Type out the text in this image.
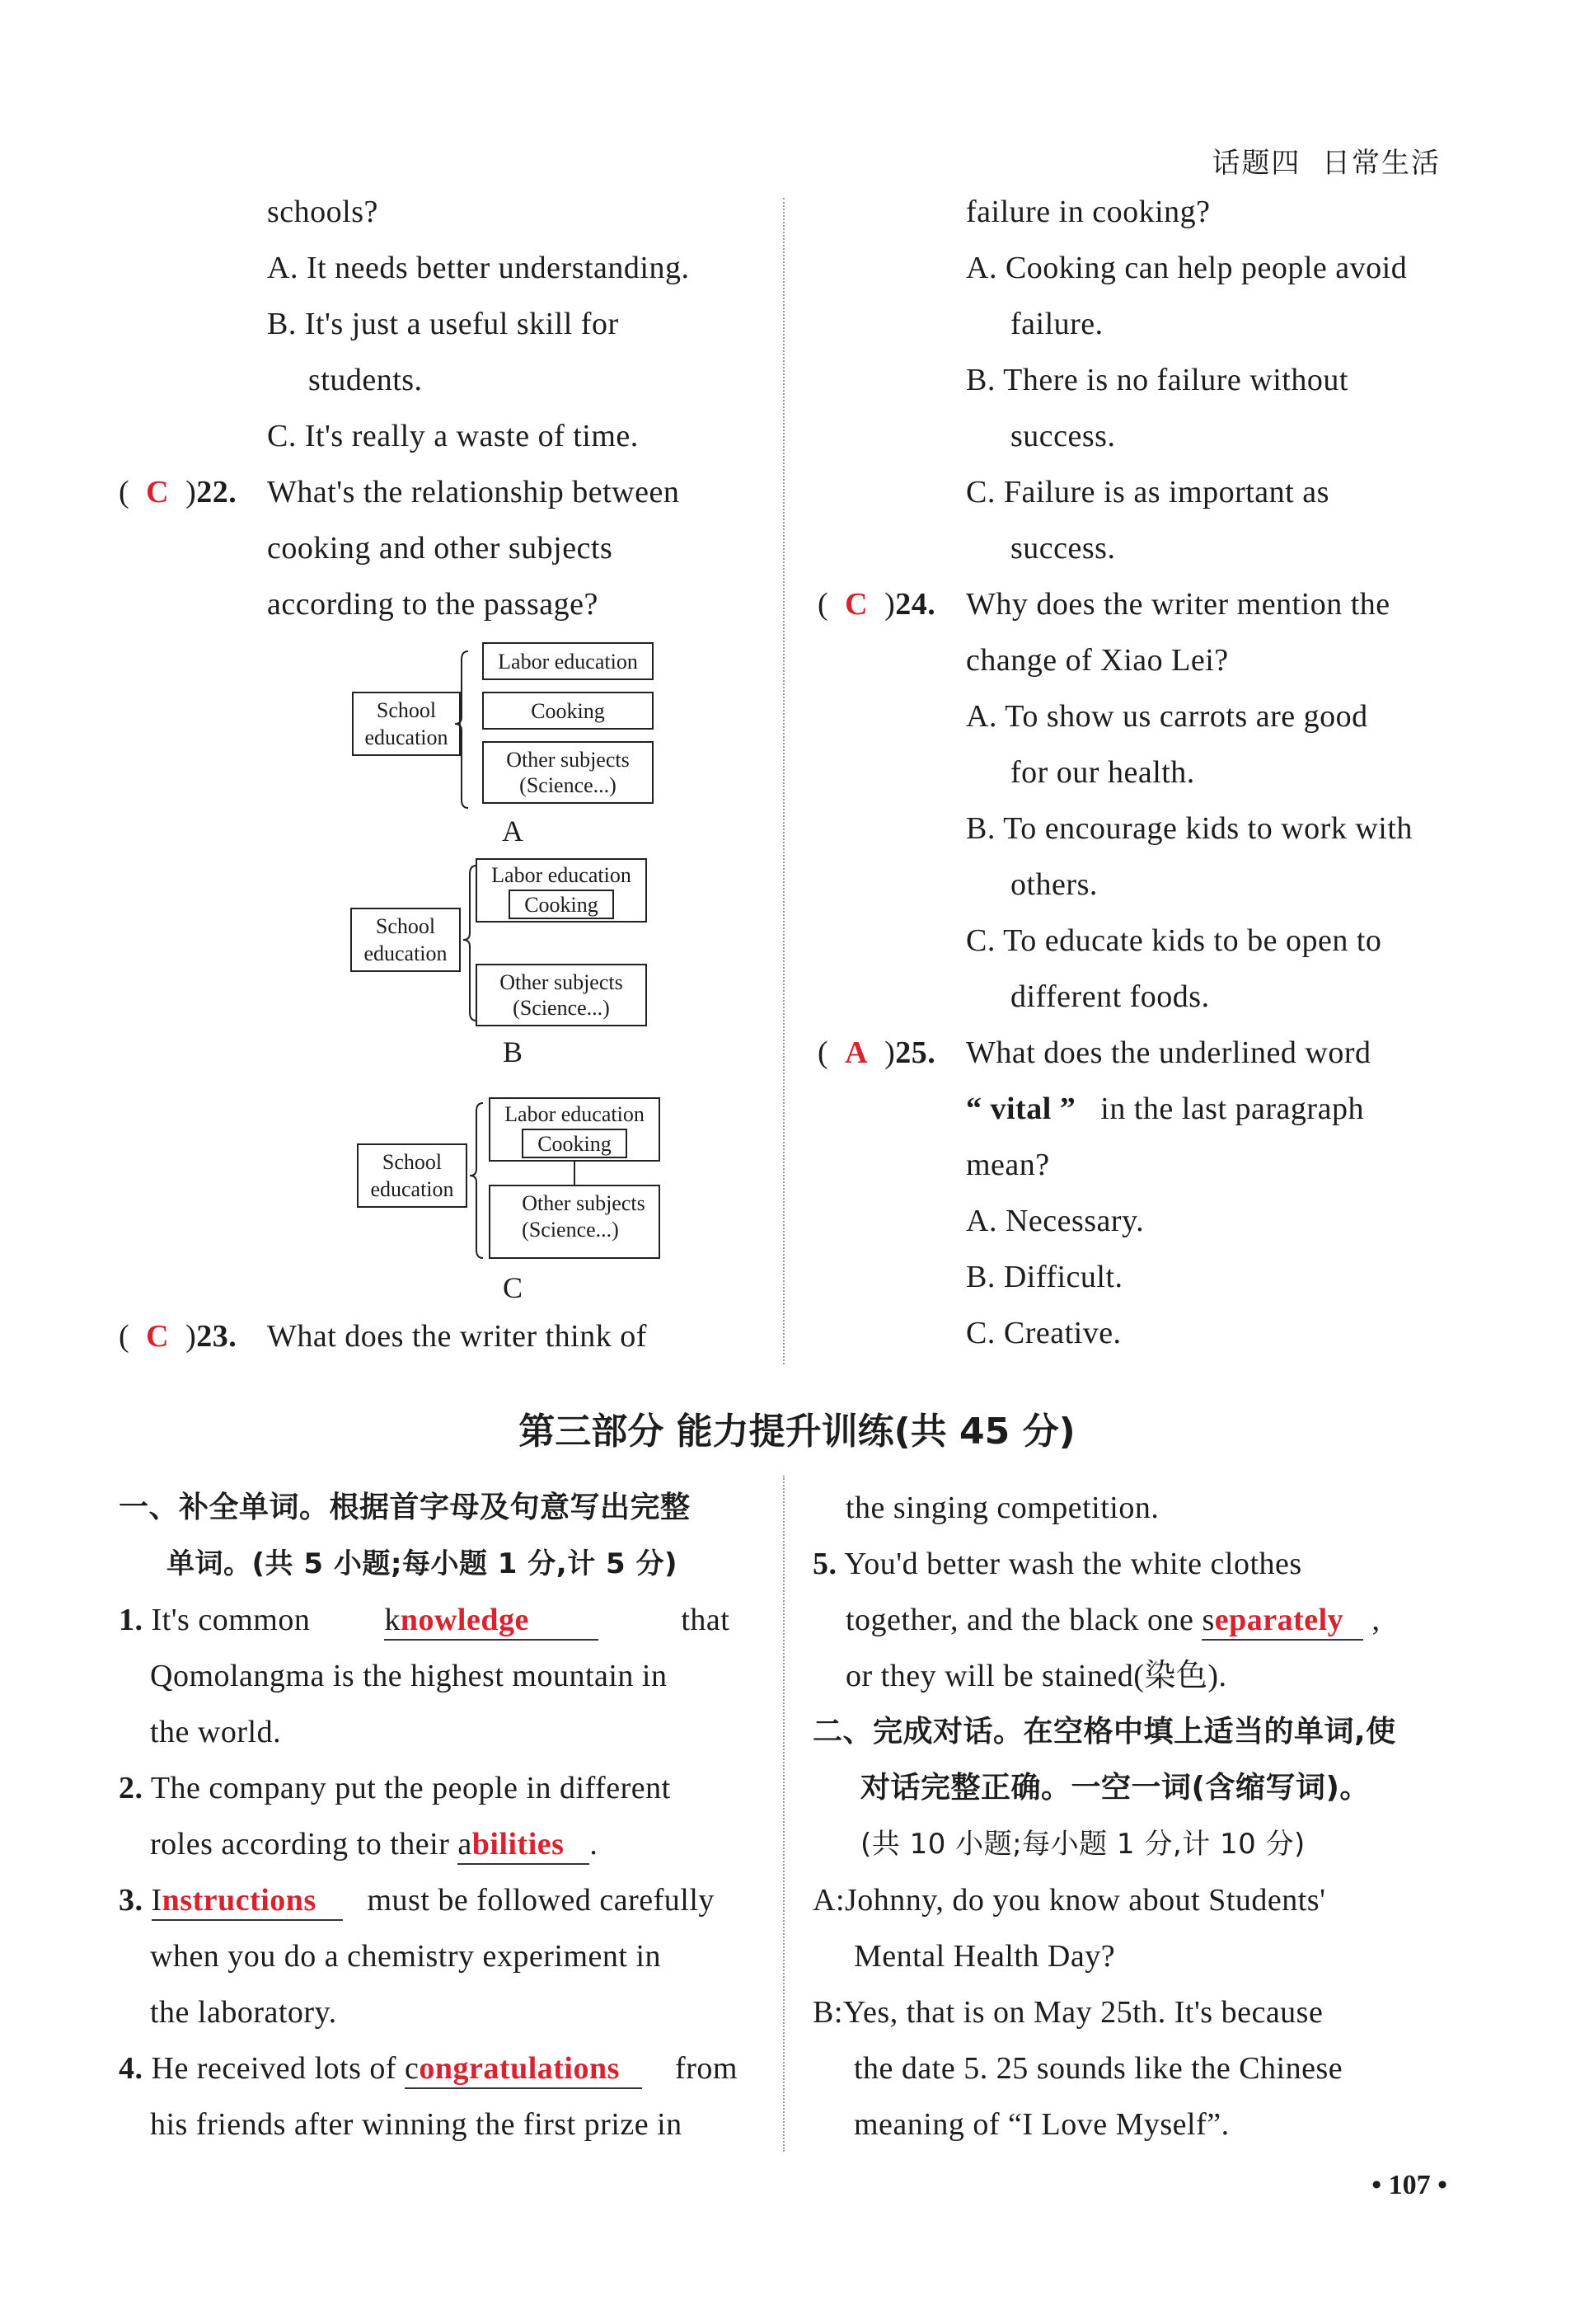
话题四 日常生活
schools?
A. It needs better understanding.
B. It's just a useful skill for
students.
C. It's really a waste of time.
(  C  )22. What's the relationship between
cooking and other subjects
according to the passage?
School
education
Labor education
Cooking
Other subjects
(Science...)
A
School
education
Labor education
Cooking
Other subjects
(Science...)
B
School
education
Labor education
Cooking
Other subjects
(Science...)
C
(  C  )23. What does the writer think of
failure in cooking?
A. Cooking can help people avoid
failure.
B. There is no failure without
success.
C. Failure is as important as
success.
(  C  )24. Why does the writer mention the
change of Xiao Lei?
A. To show us carrots are good
for our health.
B. To encourage kids to work with
others.
C. To educate kids to be open to
different foods.
(  A  )25. What does the underlined word
“ vital ” in the last paragraph
mean?
A. Necessary.
B. Difficult.
C. Creative.
第三部分 能力提升训练(共 45 分)
一、补全单词。根据首字母及句意写出完整
单词。(共 5 小题;每小题 1 分,计 5 分)
1. It's common         knowledge	that
Qomolangma is the highest mountain in
the world.
2. The company put the people in different
roles according to their abilities .
3. Instructions must be followed carefully
when you do a chemistry experiment in
the laboratory.
4. He received lots of congratulations from
his friends after winning the first prize in
the singing competition.
5. You'd better wash the white clothes
together, and the black one separately ,
or they will be stained(染色).
二、完成对话。在空格中填上适当的单词,使
对话完整正确。一空一词(含缩写词)。
(共 10 小题;每小题 1 分,计 10 分)
A:Johnny, do you know about Students'
Mental Health Day?
B:Yes, that is on May 25th. It's because
the date 5. 25 sounds like the Chinese
meaning of “I Love Myself”.
• 107 •
